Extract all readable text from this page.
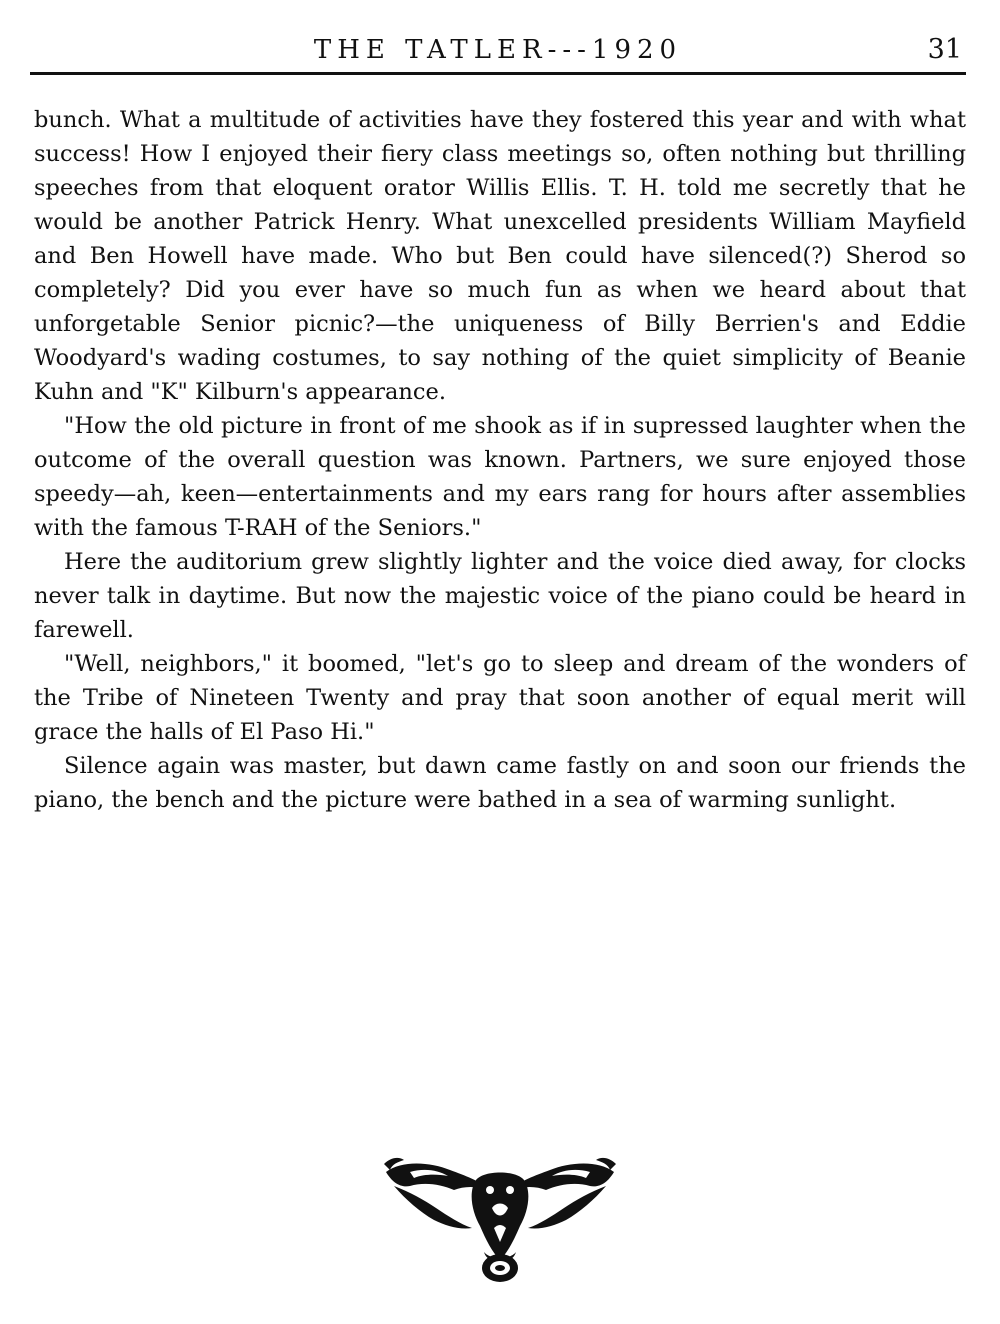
THE TATLER---1920	31

bunch. What a multitude of activities have they fostered this year and with what success! How I enjoyed their fiery class meetings so, often nothing but thrilling speeches from that eloquent orator Willis Ellis. T. H. told me secretly that he would be another Patrick Henry. What unexcelled presidents William Mayfield and Ben Howell have made. Who but Ben could have silenced(?) Sherod so completely? Did you ever have so much fun as when we heard about that unforgetable Senior picnic?—the uniqueness of Billy Berrien's and Eddie Woodyard's wading costumes, to say nothing of the quiet simplicity of Beanie Kuhn and "K" Kilburn's appearance.

"How the old picture in front of me shook as if in supressed laughter when the outcome of the overall question was known. Partners, we sure enjoyed those speedy—ah, keen—entertainments and my ears rang for hours after assemblies with the famous T-RAH of the Seniors."

Here the auditorium grew slightly lighter and the voice died away, for clocks never talk in daytime. But now the majestic voice of the piano could be heard in farewell.

"Well, neighbors," it boomed, "let's go to sleep and dream of the wonders of the Tribe of Nineteen Twenty and pray that soon another of equal merit will grace the halls of El Paso Hi."

Silence again was master, but dawn came fastly on and soon our friends the piano, the bench and the picture were bathed in a sea of warming sunlight.
